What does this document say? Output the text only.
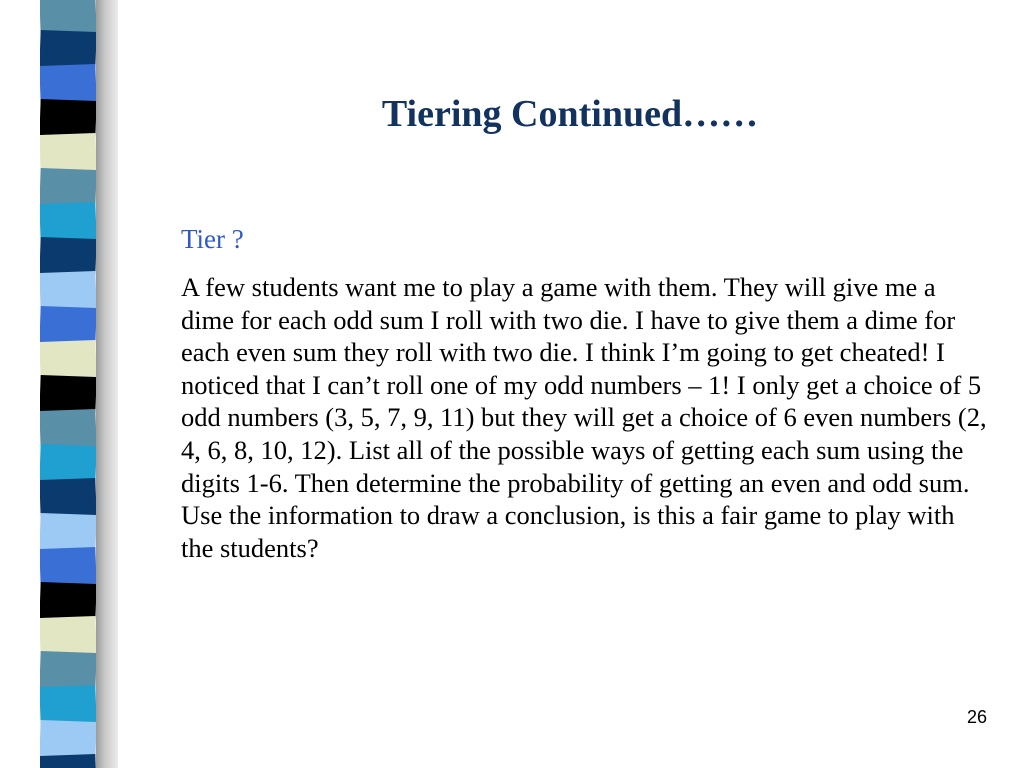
Tiering Continued……
Tier ?

A few students want me to play a game with them. They will give me a dime for each odd sum I roll with two die. I have to give them a dime for each even sum they roll with two die. I think I’m going to get cheated! I noticed that I can’t roll one of my odd numbers – 1! I only get a choice of 5 odd numbers (3, 5, 7, 9, 11) but they will get a choice of 6 even numbers (2, 4, 6, 8, 10, 12). List all of the possible ways of getting each sum using the digits 1-6. Then determine the probability of getting an even and odd sum. Use the information to draw a conclusion, is this a fair game to play with the students?

26
